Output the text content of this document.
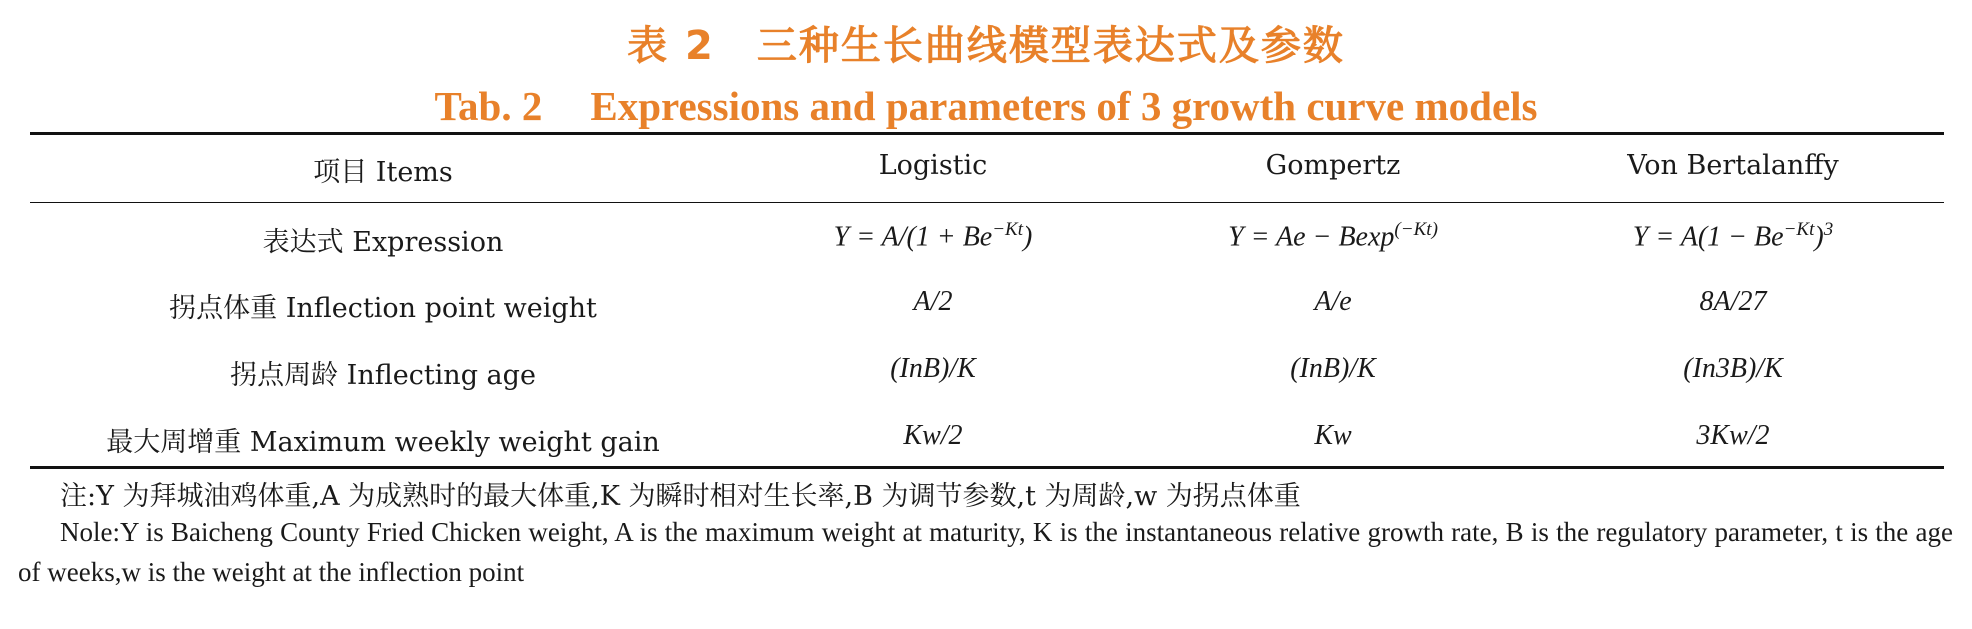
表 2 三种生长曲线模型表达式及参数
Tab. 2 Expressions and parameters of 3 growth curve models
项目 Items	Logistic	Gompertz	Von Bertalanffy
表达式 Expression	$Y = A/(1 + Be^{-Kt})$	Y = Ae − Bexp$^{(-Kt)}$	$Y = A(1 - Be^{-Kt})^3$
拐点体重 Inflection point weight	A/2	A/e	8A/27
拐点周龄 Inflecting age	(InB)/K	(InB)/K	(In3B)/K
最大周增重 Maximum weekly weight gain	Kw/2	Kw	3Kw/2
注:Y 为拜城油鸡体重,A 为成熟时的最大体重,K 为瞬时相对生长率,B 为调节参数,t 为周龄,w 为拐点体重
Nole:Y is Baicheng County Fried Chicken weight, A is the maximum weight at maturity, K is the instantaneous relative growth rate, B is the regulatory parameter, t is the age of weeks,w is the weight at the inflection point
